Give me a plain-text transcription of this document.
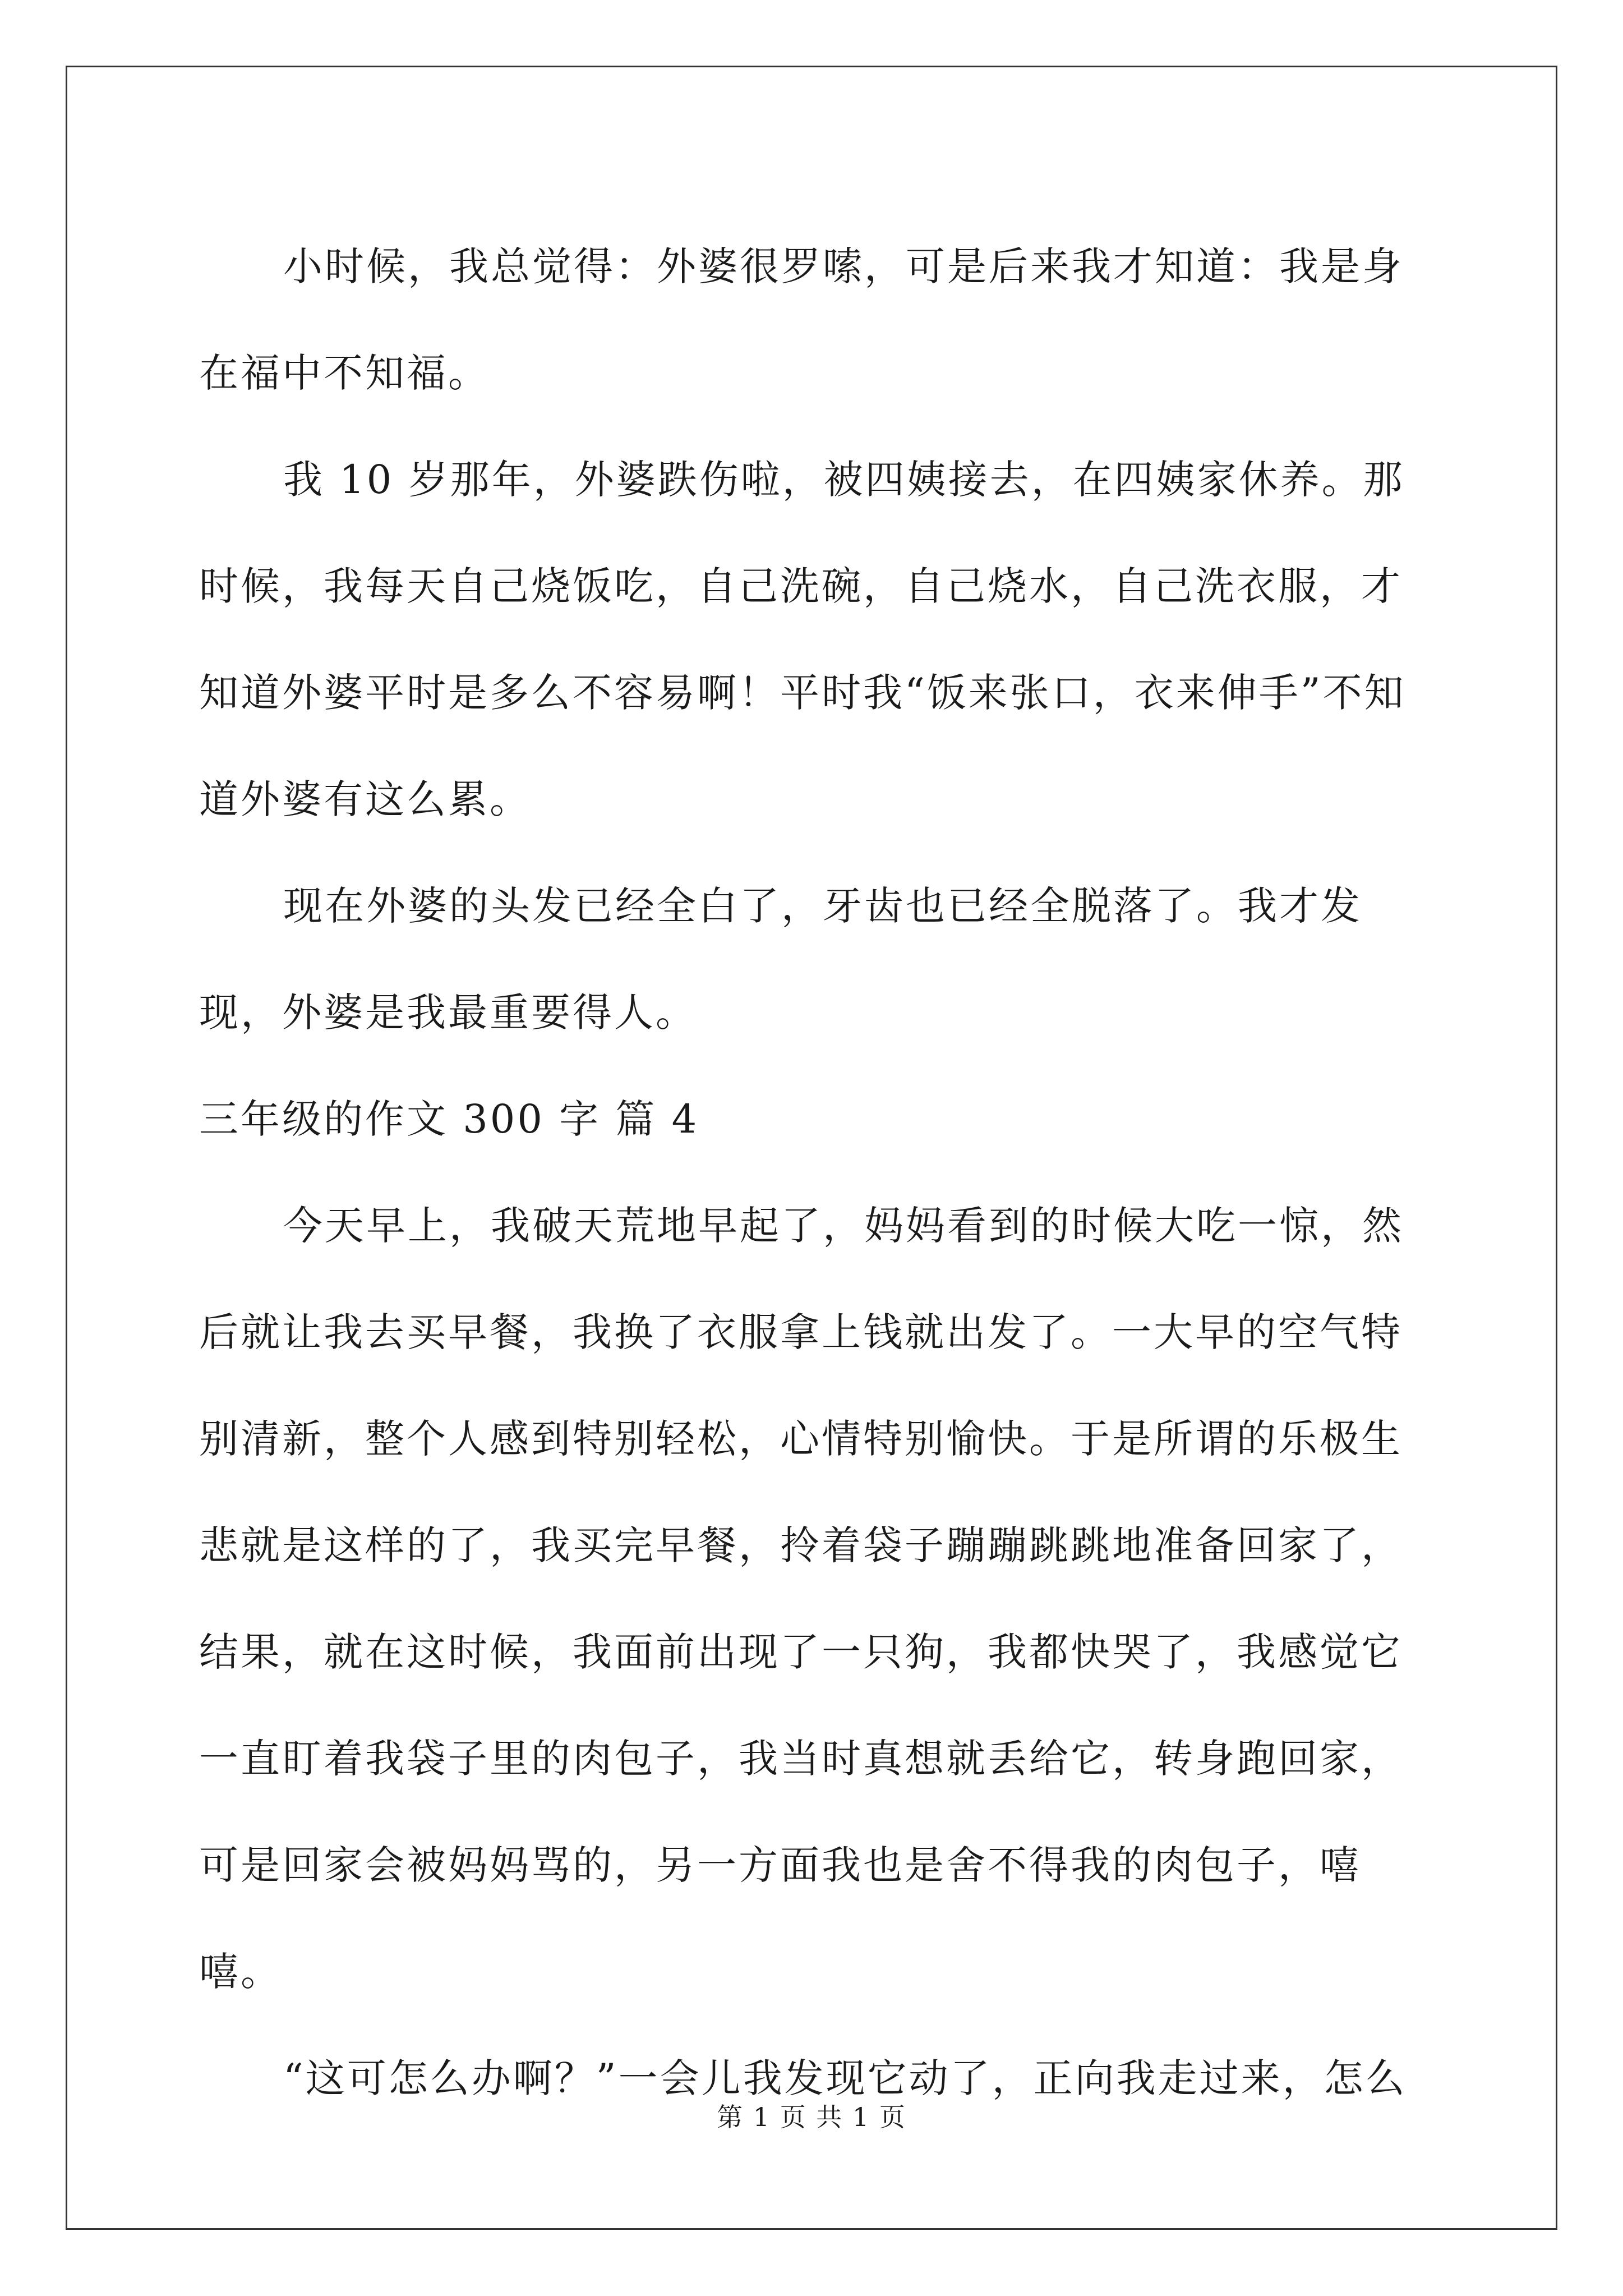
小时候，我总觉得：外婆很罗嗦，可是后来我才知道：我是身在福中不知福。

我 10 岁那年，外婆跌伤啦，被四姨接去，在四姨家休养。那时候，我每天自己烧饭吃，自己洗碗，自己烧水，自己洗衣服，才知道外婆平时是多么不容易啊！平时我“饭来张口，衣来伸手”不知道外婆有这么累。

现在外婆的头发已经全白了，牙齿也已经全脱落了。我才发现，外婆是我最重要得人。

三年级的作文 300 字 篇 4

今天早上，我破天荒地早起了，妈妈看到的时候大吃一惊，然后就让我去买早餐，我换了衣服拿上钱就出发了。一大早的空气特别清新，整个人感到特别轻松，心情特别愉快。于是所谓的乐极生悲就是这样的了，我买完早餐，拎着袋子蹦蹦跳跳地准备回家了，结果，就在这时候，我面前出现了一只狗，我都快哭了，我感觉它一直盯着我袋子里的肉包子，我当时真想就丢给它，转身跑回家，可是回家会被妈妈骂的，另一方面我也是舍不得我的肉包子，嘻嘻。

“这可怎么办啊？”一会儿我发现它动了，正向我走过来，怎么

第 1 页 共 1 页
